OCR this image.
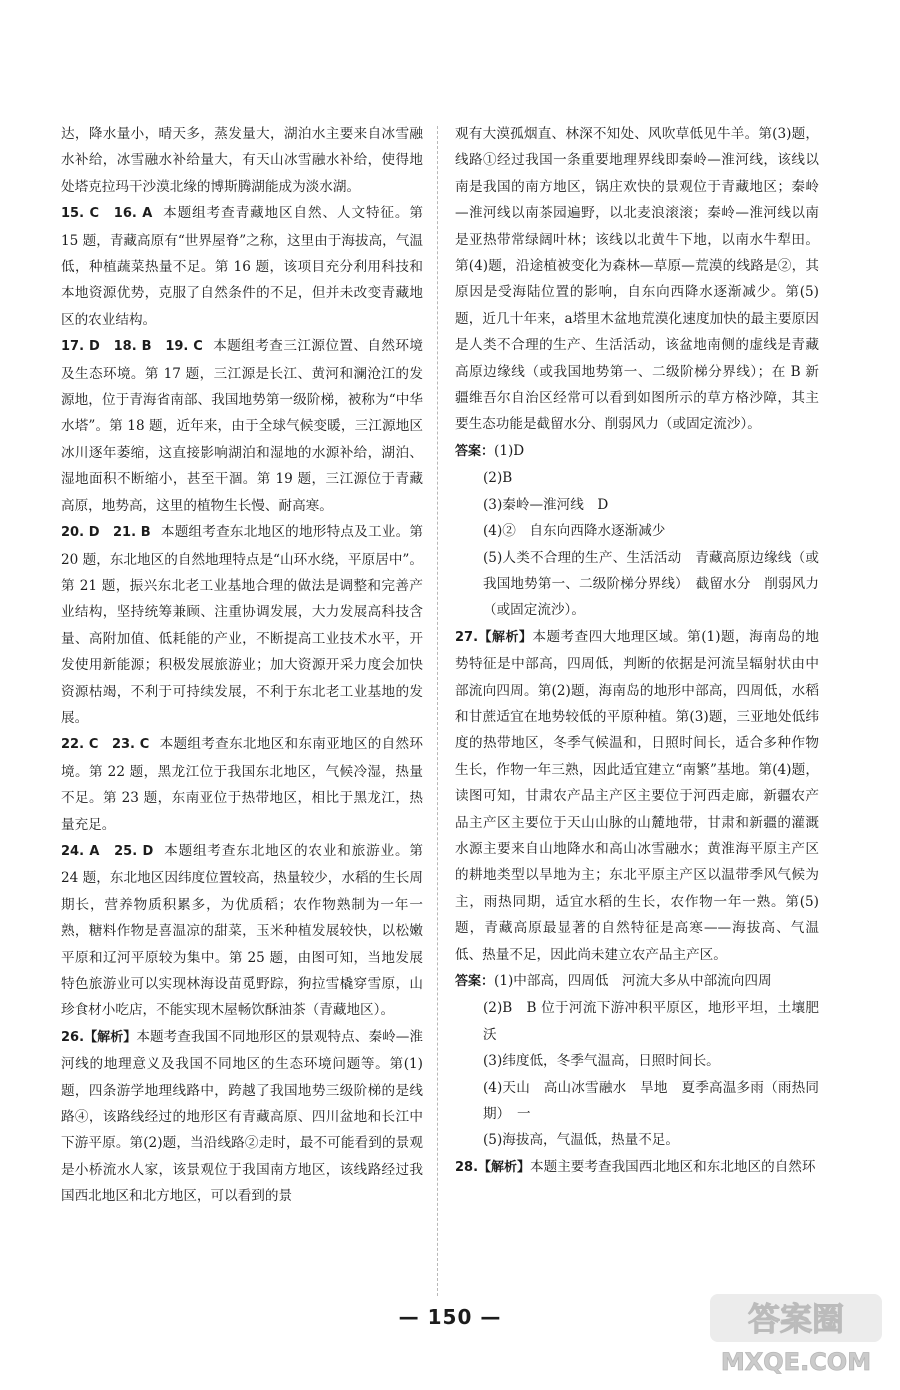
达，降水量小，晴天多，蒸发量大，湖泊水主要来自冰雪融水补给，冰雪融水补给量大，有天山冰雪融水补给，使得地处塔克拉玛干沙漠北缘的博斯腾湖能成为淡水湖。

15. C　16. A 本题组考查青藏地区自然、人文特征。第 15 题，青藏高原有“世界屋脊”之称，这里由于海拔高，气温低，种植蔬菜热量不足。第 16 题，该项目充分利用科技和本地资源优势，克服了自然条件的不足，但并未改变青藏地区的农业结构。

17. D　18. B　19. C 本题组考查三江源位置、自然环境及生态环境。第 17 题，三江源是长江、黄河和澜沧江的发源地，位于青海省南部、我国地势第一级阶梯，被称为“中华水塔”。第 18 题，近年来，由于全球气候变暖，三江源地区冰川逐年萎缩，这直接影响湖泊和湿地的水源补给，湖泊、湿地面积不断缩小，甚至干涸。第 19 题，三江源位于青藏高原，地势高，这里的植物生长慢、耐高寒。

20. D　21. B 本题组考查东北地区的地形特点及工业。第 20 题，东北地区的自然地理特点是“山环水绕，平原居中”。第 21 题，振兴东北老工业基地合理的做法是调整和完善产业结构，坚持统筹兼顾、注重协调发展，大力发展高科技含量、高附加值、低耗能的产业，不断提高工业技术水平，开发使用新能源；积极发展旅游业；加大资源开采力度会加快资源枯竭，不利于可持续发展，不利于东北老工业基地的发展。

22. C　23. C 本题组考查东北地区和东南亚地区的自然环境。第 22 题，黑龙江位于我国东北地区，气候冷湿，热量不足。第 23 题，东南亚位于热带地区，相比于黑龙江，热量充足。

24. A　25. D 本题组考查东北地区的农业和旅游业。第 24 题，东北地区因纬度位置较高，热量较少，水稻的生长周期长，营养物质积累多，为优质稻；农作物熟制为一年一熟，糖料作物是喜温凉的甜菜，玉米种植发展较快，以松嫩平原和辽河平原较为集中。第 25 题，由图可知，当地发展特色旅游业可以实现林海设苗觅野踪，狗拉雪橇穿雪原，山珍食材小吃店，不能实现木屋畅饮酥油茶（青藏地区）。

26.【解析】本题考查我国不同地形区的景观特点、秦岭—淮河线的地理意义及我国不同地区的生态环境问题等。第(1)题，四条游学地理线路中，跨越了我国地势三级阶梯的是线路④，该路线经过的地形区有青藏高原、四川盆地和长江中下游平原。第(2)题，当沿线路②走时，最不可能看到的景观是小桥流水人家，该景观位于我国南方地区，该线路经过我国西北地区和北方地区，可以看到的景

观有大漠孤烟直、林深不知处、风吹草低见牛羊。第(3)题，线路①经过我国一条重要地理界线即秦岭—淮河线，该线以南是我国的南方地区，锅庄欢快的景观位于青藏地区；秦岭—淮河线以南茶园遍野，以北麦浪滚滚；秦岭—淮河线以南是亚热带常绿阔叶林；该线以北黄牛下地，以南水牛犁田。第(4)题，沿途植被变化为森林—草原—荒漠的线路是②，其原因是受海陆位置的影响，自东向西降水逐渐减少。第(5)题，近几十年来，a塔里木盆地荒漠化速度加快的最主要原因是人类不合理的生产、生活活动，该盆地南侧的虚线是青藏高原边缘线（或我国地势第一、二级阶梯分界线）；在 B 新疆维吾尔自治区经常可以看到如图所示的草方格沙障，其主要生态功能是截留水分、削弱风力（或固定流沙）。

答案：(1)D

(2)B

(3)秦岭—淮河线　D

(4)②　自东向西降水逐渐减少

(5)人类不合理的生产、生活活动　青藏高原边缘线（或我国地势第一、二级阶梯分界线）　截留水分　削弱风力（或固定流沙）。

27.【解析】本题考查四大地理区域。第(1)题，海南岛的地势特征是中部高，四周低，判断的依据是河流呈辐射状由中部流向四周。第(2)题，海南岛的地形中部高，四周低，水稻和甘蔗适宜在地势较低的平原种植。第(3)题，三亚地处低纬度的热带地区，冬季气候温和，日照时间长，适合多种作物生长，作物一年三熟，因此适宜建立“南繁”基地。第(4)题，读图可知，甘肃农产品主产区主要位于河西走廊，新疆农产品主产区主要位于天山山脉的山麓地带，甘肃和新疆的灌溉水源主要来自山地降水和高山冰雪融水；黄淮海平原主产区的耕地类型以旱地为主；东北平原主产区以温带季风气候为主，雨热同期，适宜水稻的生长，农作物一年一熟。第(5)题，青藏高原最显著的自然特征是高寒——海拔高、气温低、热量不足，因此尚未建立农产品主产区。

答案：(1)中部高，四周低　河流大多从中部流向四周

(2)B　B 位于河流下游冲积平原区，地形平坦，土壤肥沃

(3)纬度低，冬季气温高，日照时间长。

(4)天山　高山冰雪融水　旱地　夏季高温多雨（雨热同期）　一

(5)海拔高，气温低，热量不足。

28.【解析】本题主要考查我国西北地区和东北地区的自然环

— 150 —	答案圈
MXQE.COM
